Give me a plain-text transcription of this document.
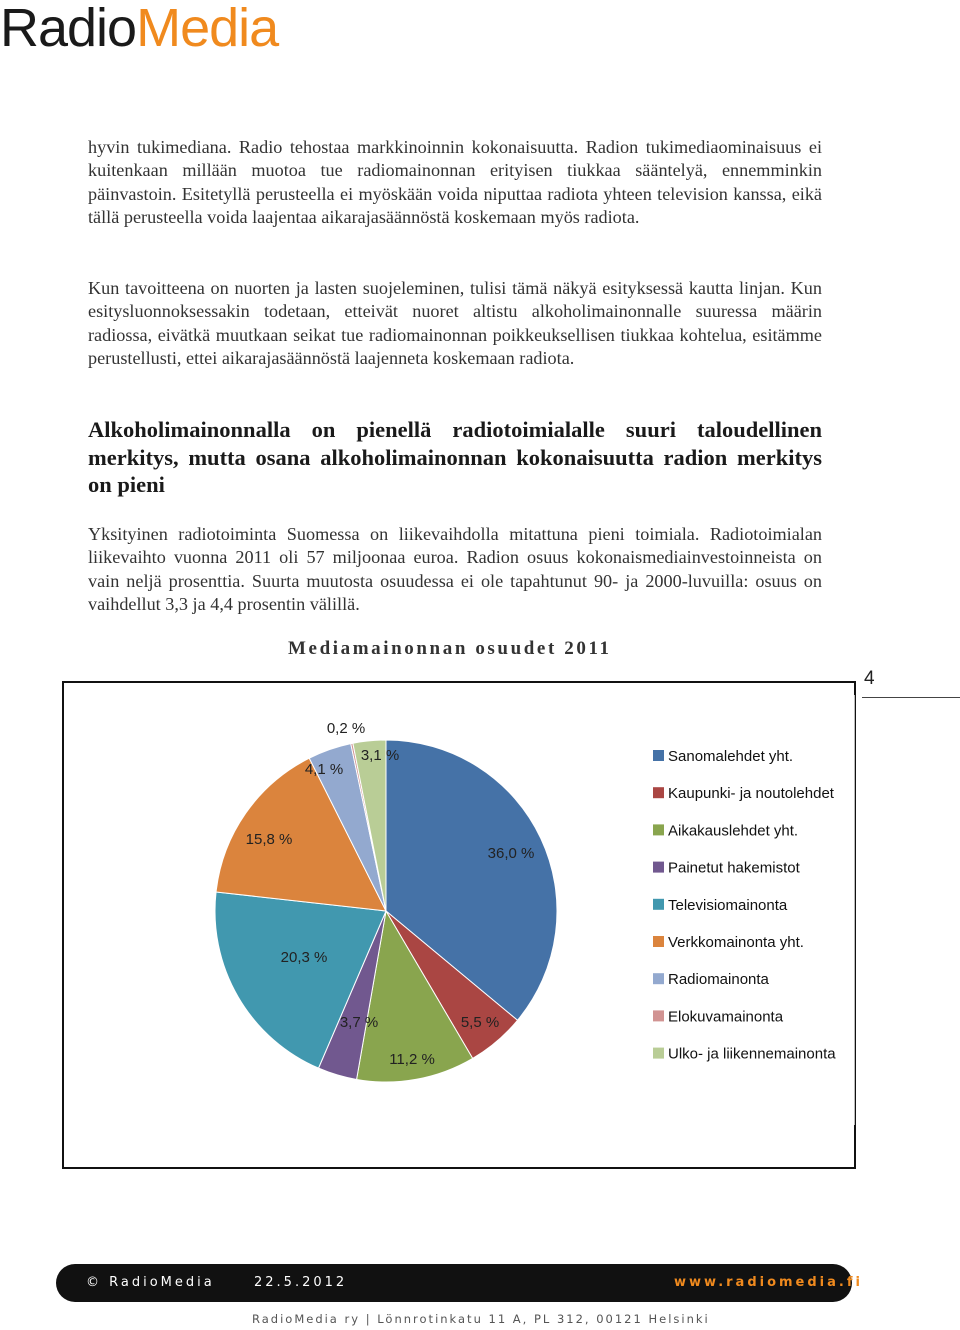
RadioMedia

hyvin tukimediana. Radio tehostaa markkinoinnin kokonaisuutta. Radion tukimediaominaisuus ei kuitenkaan millään muotoa tue radiomainonnan erityisen tiukkaa sääntelyä, ennemminkin päinvastoin. Esitetyllä perusteella ei myöskään voida niputtaa radiota yhteen television kanssa, eikä tällä perusteella voida laajentaa aikarajasäännöstä koskemaan myös radiota.

Kun tavoitteena on nuorten ja lasten suojeleminen, tulisi tämä näkyä esityksessä kautta linjan. Kun esitysluonnoksessakin todetaan, etteivät nuoret altistu alkoholimainonnalle suuressa määrin radiossa, eivätkä muutkaan seikat tue radiomainonnan poikkeuksellisen tiukkaa kohtelua, esitämme perustellusti, ettei aikarajasäännöstä laajenneta koskemaan radiota.

Alkoholimainonnalla on pienellä radiotoimialalle suuri taloudellinen merkitys, mutta osana alkoholimainonnan kokonaisuutta radion merkitys on pieni

Yksityinen radiotoiminta Suomessa on liikevaihdolla mitattuna pieni toimiala. Radiotoimialan liikevaihto vuonna 2011 oli 57 miljoonaa euroa. Radion osuus kokonaismediainvestoinneista on vain neljä prosenttia. Suurta muutosta osuudessa ei ole tapahtunut 90- ja 2000-luvuilla: osuus on vaihdellut 3,3 ja 4,4 prosentin välillä.

Mediamainonnan osuudet 2011
4
36,0 %
5,5 %
11,2 %
3,7 %
20,3 %
15,8 %
4,1 %
0,2 %
3,1 %	Sanomalehdet yht.
Kaupunki- ja noutolehdet
Aikakauslehdet yht.
Painetut hakemistot
Televisiomainonta
Verkkomainonta yht.
Radiomainonta
Elokuvamainonta
Ulko- ja liikennemainonta
© RadioMedia	22.5.2012	www.radiomedia.fi
RadioMedia ry | Lönnrotinkatu 11 A, PL 312, 00121 Helsinki
